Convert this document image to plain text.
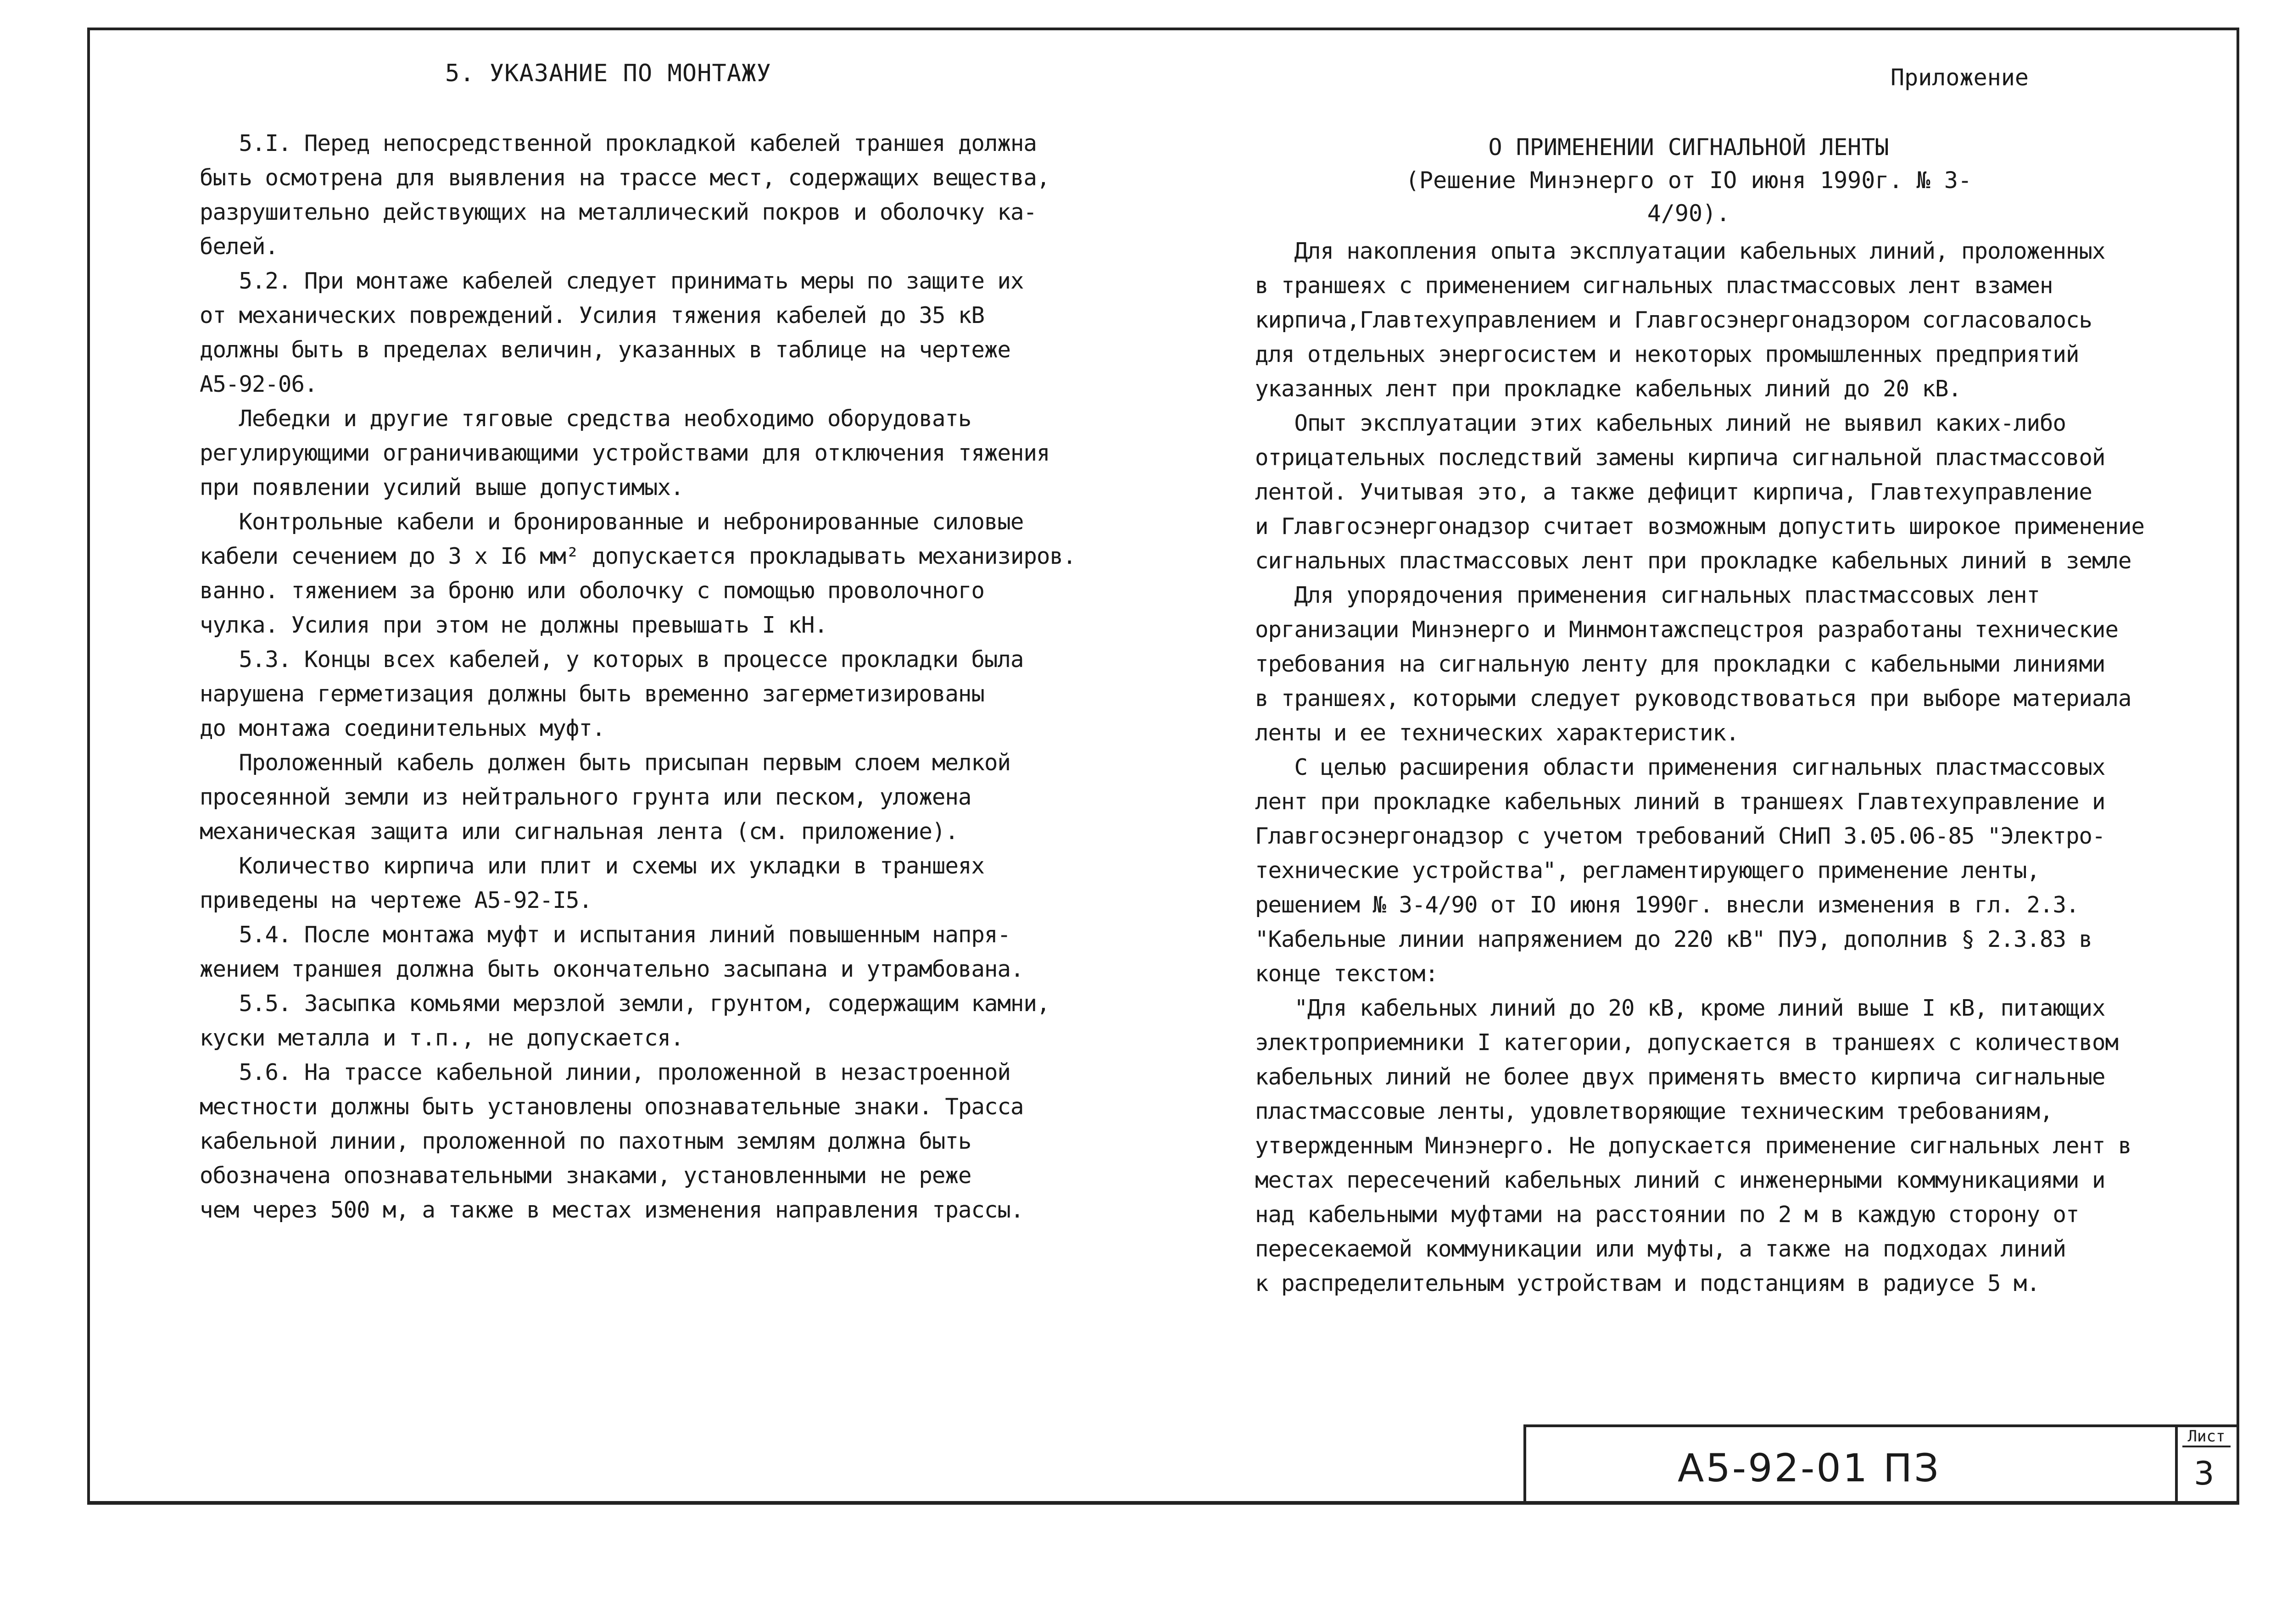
5. УКАЗАНИЕ ПО МОНТАЖУ	Приложение
5.I. Перед непосредственной прокладкой кабелей траншея должна
быть осмотрена для выявления на трассе мест, содержащих вещества,
разрушительно действующих на металлический покров и оболочку ка-
белей.
5.2. При монтаже кабелей следует принимать меры по защите их
от механических повреждений. Усилия тяжения кабелей до 35 кВ
должны быть в пределах величин, указанных в таблице на чертеже
А5-92-06.
Лебедки и другие тяговые средства необходимо оборудовать
регулирующими ограничивающими устройствами для отключения тяжения
при появлении усилий выше допустимых.
Контрольные кабели и бронированные и небронированные силовые
кабели сечением до 3 х I6 мм² допускается прокладывать механизиров.
ванно. тяжением за броню или оболочку с помощью проволочного
чулка. Усилия при этом не должны превышать I кН.
5.3. Концы всех кабелей, у которых в процессе прокладки была
нарушена герметизация должны быть временно загерметизированы
до монтажа соединительных муфт.
Проложенный кабель должен быть присыпан первым слоем мелкой
просеянной земли из нейтрального грунта или песком, уложена
механическая защита или сигнальная лента (см. приложение).
Количество кирпича или плит и схемы их укладки в траншеях
приведены на чертеже А5-92-I5.
5.4. После монтажа муфт и испытания линий повышенным напря-
жением траншея должна быть окончательно засыпана и утрамбована.
5.5. Засыпка комьями мерзлой земли, грунтом, содержащим камни,
куски металла и т.п., не допускается.
5.6. На трассе кабельной линии, проложенной в незастроенной
местности должны быть установлены опознавательные знаки. Трасса
кабельной линии, проложенной по пахотным землям должна быть
обозначена опознавательными знаками, установленными не реже
чем через 500 м, а также в местах изменения направления трассы.
О ПРИМЕНЕНИИ СИГНАЛЬНОЙ ЛЕНТЫ
(Решение Минэнерго от IO июня 1990г. № 3-4/90).
Для накопления опыта эксплуатации кабельных линий, проложенных
в траншеях с применением сигнальных пластмассовых лент взамен
кирпича,Главтехуправлением и Главгосэнергонадзором согласовалось
для отдельных энергосистем и некоторых промышленных предприятий
указанных лент при прокладке кабельных линий до 20 кВ.
Опыт эксплуатации этих кабельных линий не выявил каких-либо
отрицательных последствий замены кирпича сигнальной пластмассовой
лентой. Учитывая это, а также дефицит кирпича, Главтехуправление
и Главгосэнергонадзор считает возможным допустить широкое применение
сигнальных пластмассовых лент при прокладке кабельных линий в земле
Для упорядочения применения сигнальных пластмассовых лент
организации Минэнерго и Минмонтажспецстроя разработаны технические
требования на сигнальную ленту для прокладки с кабельными линиями
в траншеях, которыми следует руководствоваться при выборе материала
ленты и ее технических характеристик.
С целью расширения области применения сигнальных пластмассовых
лент при прокладке кабельных линий в траншеях Главтехуправление и
Главгосэнергонадзор с учетом требований СНиП 3.05.06-85 "Электро-
технические устройства", регламентирующего применение ленты,
решением № 3-4/90 от IO июня 1990г. внесли изменения в гл. 2.3.
"Кабельные линии напряжением до 220 кВ" ПУЭ, дополнив § 2.3.83 в
конце текстом:
"Для кабельных линий до 20 кВ, кроме линий выше I кВ, питающих
электроприемники I категории, допускается в траншеях с количеством
кабельных линий не более двух применять вместо кирпича сигнальные
пластмассовые ленты, удовлетворяющие техническим требованиям,
утвержденным Минэнерго. Не допускается применение сигнальных лент в
местах пересечений кабельных линий с инженерными коммуникациями и
над кабельными муфтами на расстоянии по 2 м в каждую сторону от
пересекаемой коммуникации или муфты, а также на подходах линий
к распределительным устройствам и подстанциям в радиусе 5 м.
А5-92-01 ПЗ
Лист
3
